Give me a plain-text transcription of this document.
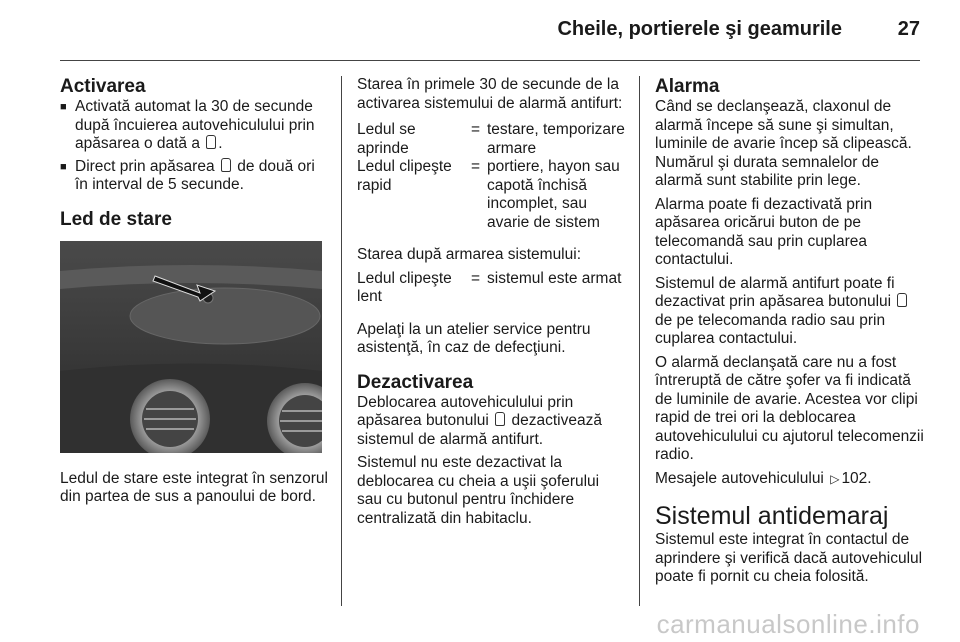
Cheile, portierele şi geamurile	27
Activarea
■ Activată automat la 30 de secunde după încuierea autovehiculului prin apăsarea o dată a .
■ Direct prin apăsarea de două ori în interval de 5 secunde.
Led de stare

Ledul de stare este integrat în senzorul din partea de sus a panoului de bord.

Starea în primele 30 de secunde de la activarea sistemului de alarmă antifurt:

Ledul se aprinde
= testare, temporizare armare
Ledul clipeşte rapid
= portiere, hayon sau capotă închisă incomplet, sau avarie de sistem

Starea după armarea sistemului:

Ledul clipeşte lent
= sistemul este armat

Apelaţi la un atelier service pentru asistenţă, în caz de defecţiuni.

Dezactivarea

Deblocarea autovehiculului prin apăsarea butonului dezactivează sistemul de alarmă antifurt.

Sistemul nu este dezactivat la deblocarea cu cheia a uşii şoferului sau cu butonul pentru închidere centralizată din habitaclu.

Alarma

Când se declanşează, claxonul de alarmă începe să sune şi simultan, luminile de avarie încep să clipească. Numărul şi durata semnalelor de alarmă sunt stabilite prin lege.

Alarma poate fi dezactivată prin apăsarea oricărui buton de pe telecomandă sau prin cuplarea contactului.

Sistemul de alarmă antifurt poate fi dezactivat prin apăsarea butonului  de pe telecomanda radio sau prin cuplarea contactului.

O alarmă declanşată care nu a fost întreruptă de către şofer va fi indicată de luminile de avarie. Acestea vor clipi rapid de trei ori la deblocarea autovehiculului cu ajutorul telecomenzii radio.

Mesajele autovehiculului ▷ 102.

Sistemul antidemaraj

Sistemul este integrat în contactul de aprindere şi verifică dacă autovehiculul poate fi pornit cu cheia folosită.

carmanualsonline.info
